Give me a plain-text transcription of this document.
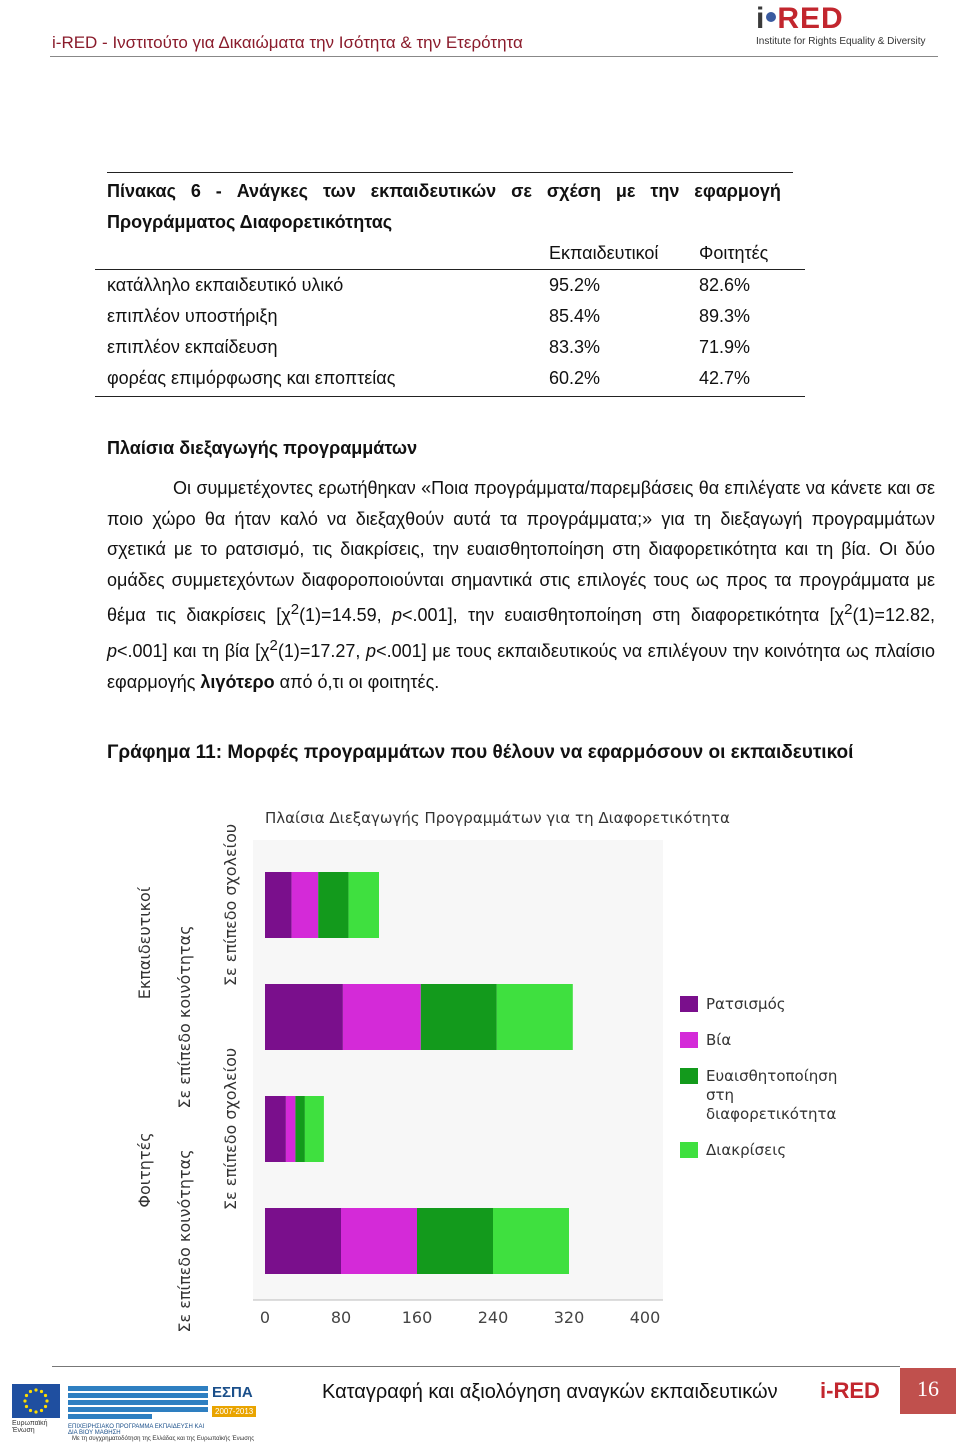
i-RED - Ινστιτούτο για Δικαιώματα την Ισότητα & την Ετερότητα
i RED
Institute for Rights Equality & Diversity
Πίνακας 6 - Ανάγκες των εκπαιδευτικών σε σχέση με την εφαρμογή
Προγράμματος Διαφορετικότητας
Εκπαιδευτικοί	Φοιτητές
κατάλληλο εκπαιδευτικό υλικό	95.2%	82.6%
επιπλέον υποστήριξη	85.4%	89.3%
επιπλέον εκπαίδευση	83.3%	71.9%
φορέας επιμόρφωσης και εποπτείας	60.2%	42.7%
Πλαίσια διεξαγωγής προγραμμάτων
Οι συμμετέχοντες ερωτήθηκαν «Ποια προγράμματα/παρεμβάσεις θα επιλέγατε να κάνετε και σε ποιο χώρο θα ήταν καλό να διεξαχθούν αυτά τα προγράμματα;» για τη διεξαγωγή προγραμμάτων σχετικά με το ρατσισμό, τις διακρίσεις, την ευαισθητοποίηση στη διαφορετικότητα και τη βία. Οι δύο ομάδες συμμετεχόντων διαφοροποιούνται σημαντικά στις επιλογές τους ως προς τα προγράμματα με θέμα τις διακρίσεις [$\chi^2(1)=14.59$, p<.001], την ευαισθητοποίηση στη διαφορετικότητα [$\chi^2(1)=12.82$, p<.001] και τη βία [$\chi^2(1)=17.27$, p<.001] με τους εκπαιδευτικούς να επιλέγουν την κοινότητα ως πλαίσιο εφαρμογής λιγότερο από ό,τι οι φοιτητές.
Γράφημα 11: Μορφές προγραμμάτων που θέλουν να εφαρμόσουν οι εκπαιδευτικοί
Πλαίσια Διεξαγωγής Προγραμμάτων για τη Διαφορετικότητα
Σε επίπεδο σχολείου
Σε επίπεδο κοινότητας
Σε επίπεδο σχολείου
Σε επίπεδο κοινότητας
Εκπαιδευτικοί
Φοιτητές
0	80	160	240	320	400
Ρατσισμός
Βία
Ευαισθητοποίηση
στη
διαφορετικότητα
Διακρίσεις
Ευρωπαϊκή Ένωση	ΕΠΙΧΕΙΡΗΣΙΑΚΟ ΠΡΟΓΡΑΜΜΑ ΕΚΠΑΙΔΕΥΣΗ ΚΑΙ ΔΙΑ ΒΙΟΥ ΜΑΘΗΣΗ
ΕΣΠΑ
2007-2013
Με τη συγχρηματοδότηση της Ελλάδας και της Ευρωπαϊκής Ένωσης
Καταγραφή και αξιολόγηση αναγκών εκπαιδευτικών i-RED	16
